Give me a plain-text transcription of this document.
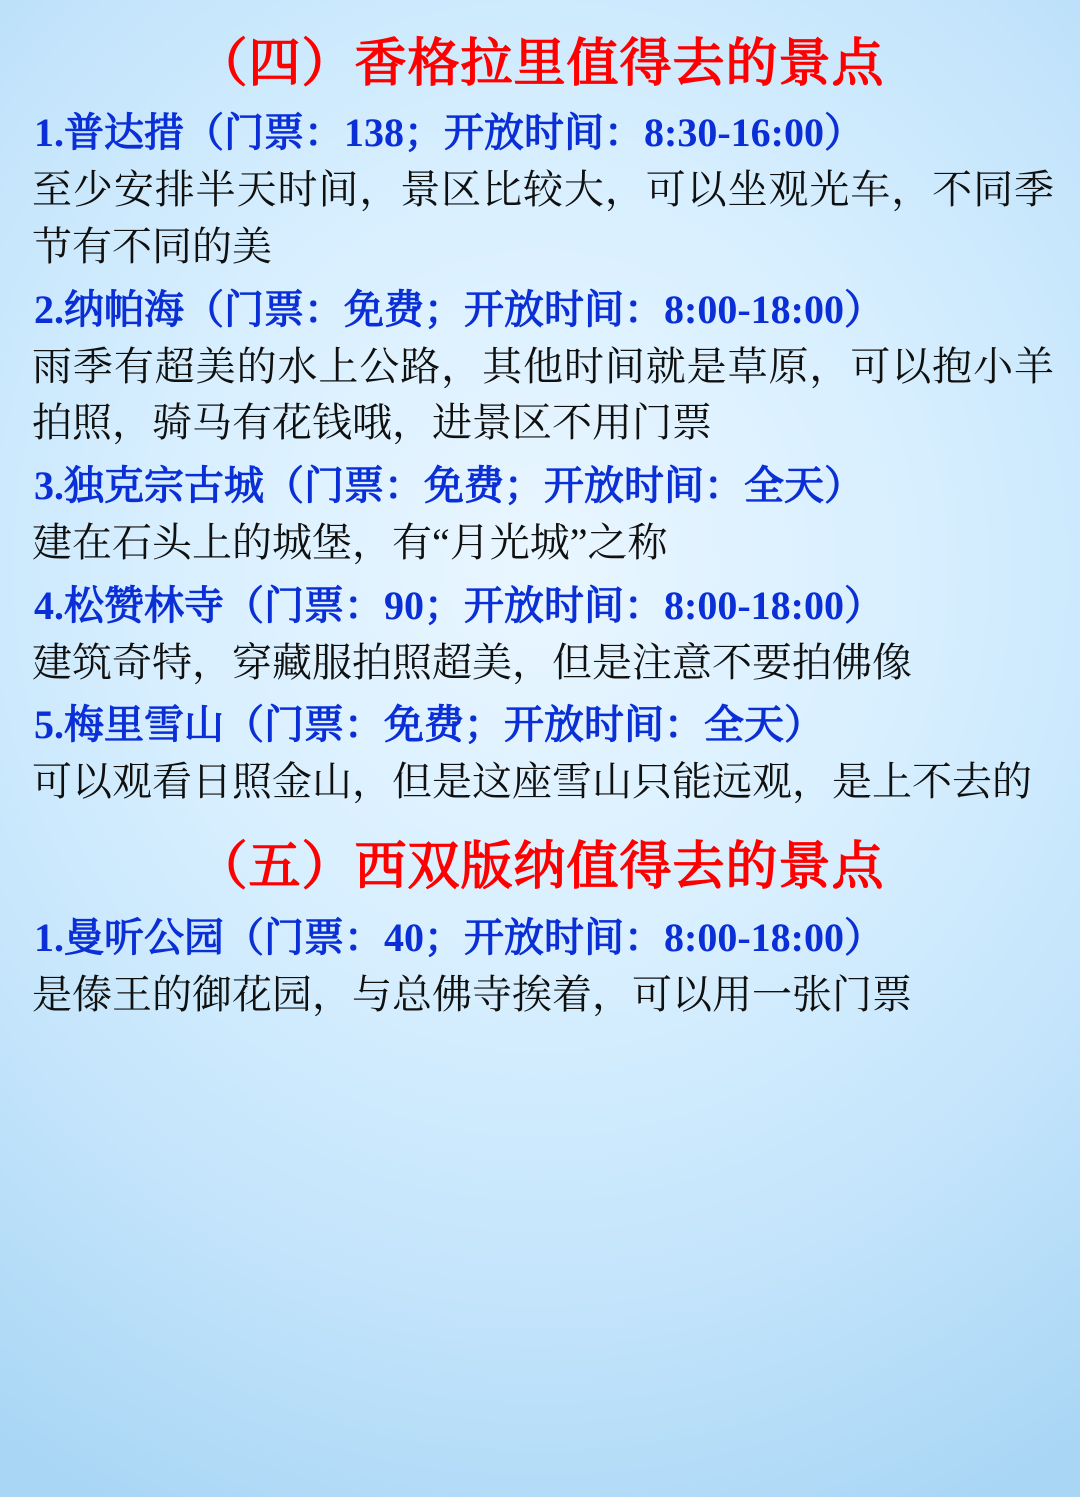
（四）香格拉里值得去的景点

1.普达措（门票：138；开放时间：8:30-16:00）

至少安排半天时间，景区比较大，可以坐观光车，不同季节有不同的美

2.纳帕海（门票：免费；开放时间：8:00-18:00）

雨季有超美的水上公路，其他时间就是草原，可以抱小羊拍照，骑马有花钱哦，进景区不用门票

3.独克宗古城（门票：免费；开放时间：全天）

建在石头上的城堡，有“月光城”之称

4.松赞林寺（门票：90；开放时间：8:00-18:00）

建筑奇特，穿藏服拍照超美，但是注意不要拍佛像

5.梅里雪山（门票：免费；开放时间：全天）

可以观看日照金山，但是这座雪山只能远观，是上不去的

（五）西双版纳值得去的景点

1.曼听公园（门票：40；开放时间：8:00-18:00）

是傣王的御花园，与总佛寺挨着，可以用一张门票
